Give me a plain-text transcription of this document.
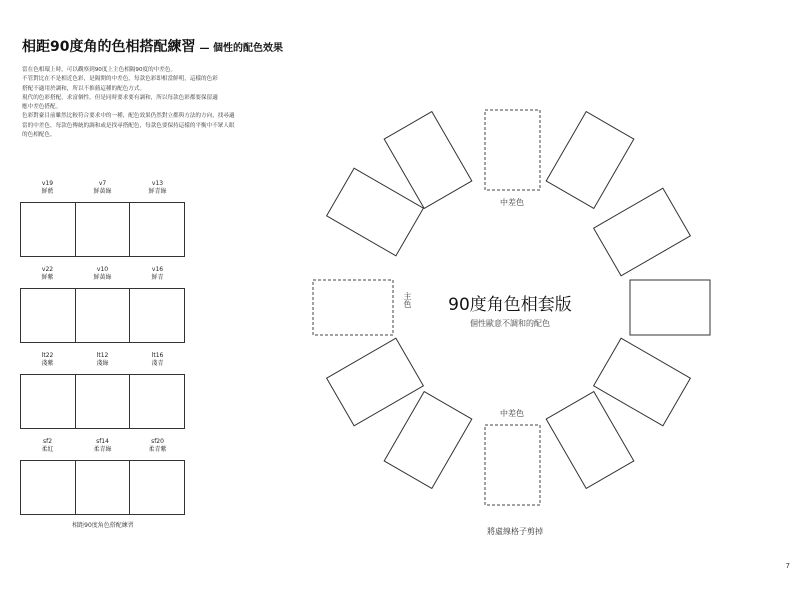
相距90度角的色相搭配練習 — 個性的配色效果

當在色相環上時，可以觀察到90度上主色相隔90度的中差色。

不管對比在不是相近色彩，是隔開的中差色，每款色彩即相當鮮明，這樣的色彩

搭配不適用於調和，所以不推薦這種的配色方式。

現代的色彩搭配，求富個性，但是同時要求要有調和，所以每款色彩都要保留適

應中差色搭配。

色彩對臺目前雖然比較符合要求中的一種，配色效果仍然對立都與方法的方向，找尋適

當的中差色，每款色傳統的調和或是找尋搭配色，每款色要保持這樣的平衡中不眾人眼

的色相配色。

v19
鮮藍
v7
鮮黃綠
v13
鮮青綠
v22
鮮紫
v10
鮮黃綠
v16
鮮青
lt22
淺紫
lt12
淺綠
lt16
淺青
sf2
柔紅
sf14
柔青綠
sf20
柔青紫
相距90度角色搭配練習
中差色
中差色
主色	90度角色相套版
個性歐意不調和的配色
將虛線格子剪掉
7
